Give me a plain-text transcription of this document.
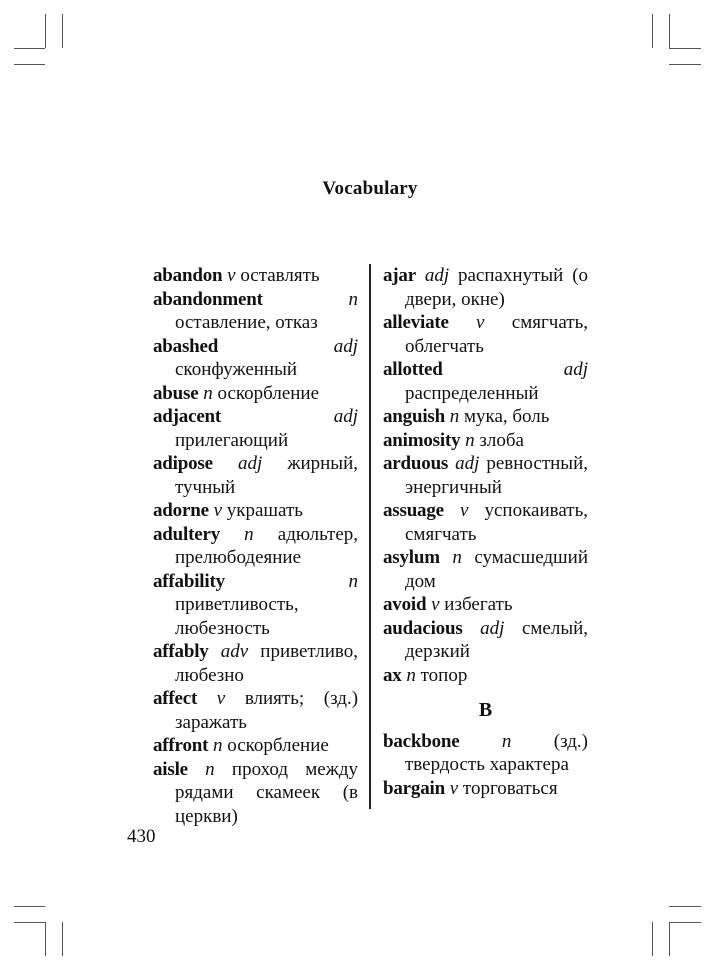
Vocabulary
abandon v оставлять
abandonment	n оставление, отказ
abashed	adj сконфуженный
abuse n оскорбление
adjacent	adj прилегающий
adipose adj жирный, тучный
adorne v украшать
adultery n адюльтер, прелюбодеяние
affability	n приветливость, любезность
affably adv приветливо, любезно
affect v влиять; (зд.) заражать
affront n оскорбление
aisle n проход между рядами скамеек (в церкви)
ajar adj распахнутый (о двери, окне)
alleviate v смягчать, облегчать
allotted	adj распределенный
anguish n мука, боль
animosity n злоба
arduous adj ревностный, энергичный
assuage v успокаивать, смягчать
asylum n сумасшедший дом
avoid v избегать
audacious adj смелый, дерзкий
ax n топор
B
backbone n (зд.) твердость характера
bargain v торговаться
430
